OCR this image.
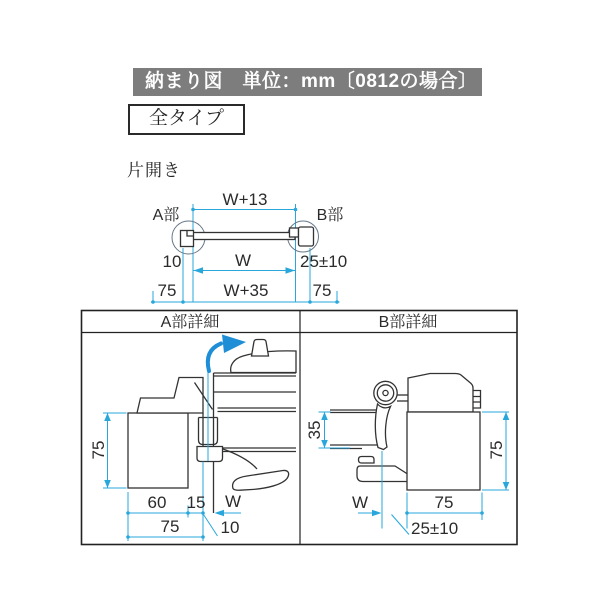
納まり図　単位：mm〔0812の場合〕
全タイプ
片開き
W+13
A部	B部
10	W	25±10
75	W+35	75
A部詳細	B部詳細
75
60 15 W
75 10
35
75
W	75
25±10
